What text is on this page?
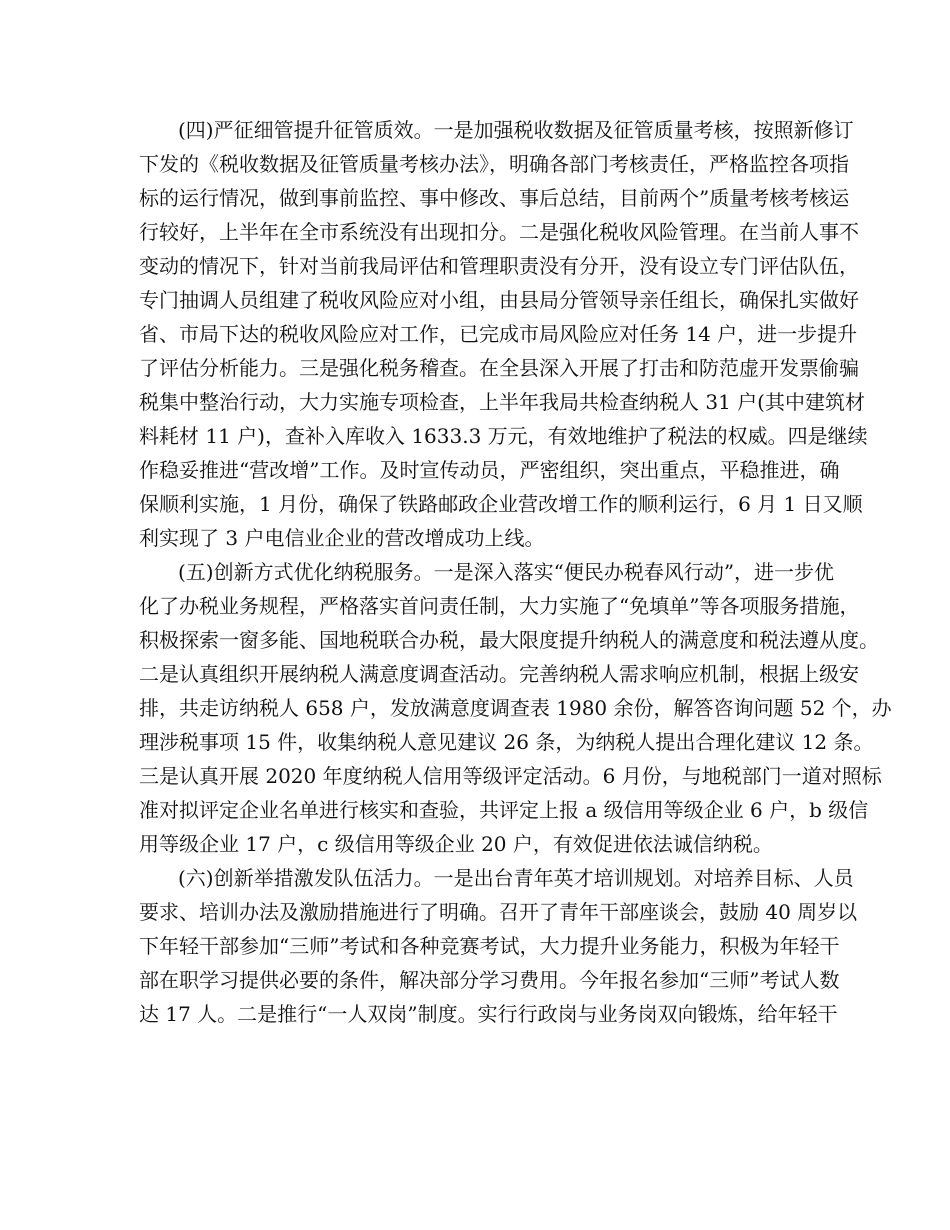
(四)严征细管提升征管质效。一是加强税收数据及征管质量考核，按照新修订
下发的《税收数据及征管质量考核办法》，明确各部门考核责任，严格监控各项指
标的运行情况，做到事前监控、事中修改、事后总结，目前两个”质量考核考核运
行较好，上半年在全市系统没有出现扣分。二是强化税收风险管理。在当前人事不
变动的情况下，针对当前我局评估和管理职责没有分开，没有设立专门评估队伍，
专门抽调人员组建了税收风险应对小组，由县局分管领导亲任组长，确保扎实做好
省、市局下达的税收风险应对工作，已完成市局风险应对任务 14 户，进一步提升
了评估分析能力。三是强化税务稽查。在全县深入开展了打击和防范虚开发票偷骗
税集中整治行动，大力实施专项检查，上半年我局共检查纳税人 31 户(其中建筑材
料耗材 11 户)，查补入库收入 1633.3 万元，有效地维护了税法的权威。四是继续
作稳妥推进“营改增”工作。及时宣传动员，严密组织，突出重点，平稳推进，确
保顺利实施，1 月份，确保了铁路邮政企业营改增工作的顺利运行，6 月 1 日又顺
利实现了 3 户电信业企业的营改增成功上线。
(五)创新方式优化纳税服务。一是深入落实“便民办税春风行动”，进一步优
化了办税业务规程，严格落实首问责任制，大力实施了“免填单”等各项服务措施，
积极探索一窗多能、国地税联合办税，最大限度提升纳税人的满意度和税法遵从度。
二是认真组织开展纳税人满意度调查活动。完善纳税人需求响应机制，根据上级安
排，共走访纳税人 658 户，发放满意度调查表 1980 余份，解答咨询问题 52 个，办
理涉税事项 15 件，收集纳税人意见建议 26 条，为纳税人提出合理化建议 12 条。
三是认真开展 2020 年度纳税人信用等级评定活动。6 月份，与地税部门一道对照标
准对拟评定企业名单进行核实和查验，共评定上报 a 级信用等级企业 6 户，b 级信
用等级企业 17 户，c 级信用等级企业 20 户，有效促进依法诚信纳税。
(六)创新举措激发队伍活力。一是出台青年英才培训规划。对培养目标、人员
要求、培训办法及激励措施进行了明确。召开了青年干部座谈会，鼓励 40 周岁以
下年轻干部参加“三师”考试和各种竞赛考试，大力提升业务能力，积极为年轻干
部在职学习提供必要的条件，解决部分学习费用。今年报名参加“三师”考试人数
达 17 人。二是推行“一人双岗”制度。实行行政岗与业务岗双向锻炼，给年轻干
